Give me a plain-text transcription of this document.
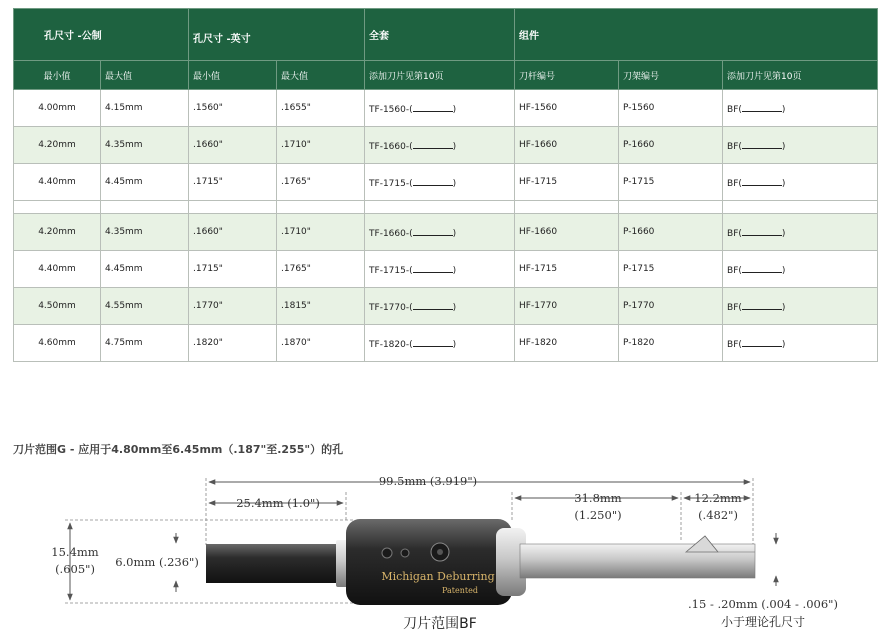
孔尺寸 -公制		孔尺寸 -英寸		全套	组件		
最小值	最大值	最小值	最大值	添加刀片见第10页	刀杆编号	刀架编号	添加刀片见第10页
4.00mm	4.15mm	.1560"	.1655"	TF-1560-( )	HF-1560	P-1560	BF( )
4.20mm	4.35mm	.1660"	.1710"	TF-1660-( )	HF-1660	P-1660	BF( )
4.40mm	4.45mm	.1715"	.1765"	TF-1715-( )	HF-1715	P-1715	BF( )

4.20mm	4.35mm	.1660"	.1710"	TF-1660-( )	HF-1660	P-1660	BF( )
4.40mm	4.45mm	.1715"	.1765"	TF-1715-( )	HF-1715	P-1715	BF( )
4.50mm	4.55mm	.1770"	.1815"	TF-1770-( )	HF-1770	P-1770	BF( )
4.60mm	4.75mm	.1820"	.1870"	TF-1820-( )	HF-1820	P-1820	BF( )
刀片范围G - 应用于4.80mm至6.45mm（.187"至.255"）的孔
99.5mm (3.919")
25.4mm (1.0")	31.8mm
(1.250")
12.2mm
(.482")
15.4mm
(.605") 6.0mm (.236")
.15 - .20mm (.004 - .006")
Michigan Deburring
Patented
刀片范围BF	小于理论孔尺寸
